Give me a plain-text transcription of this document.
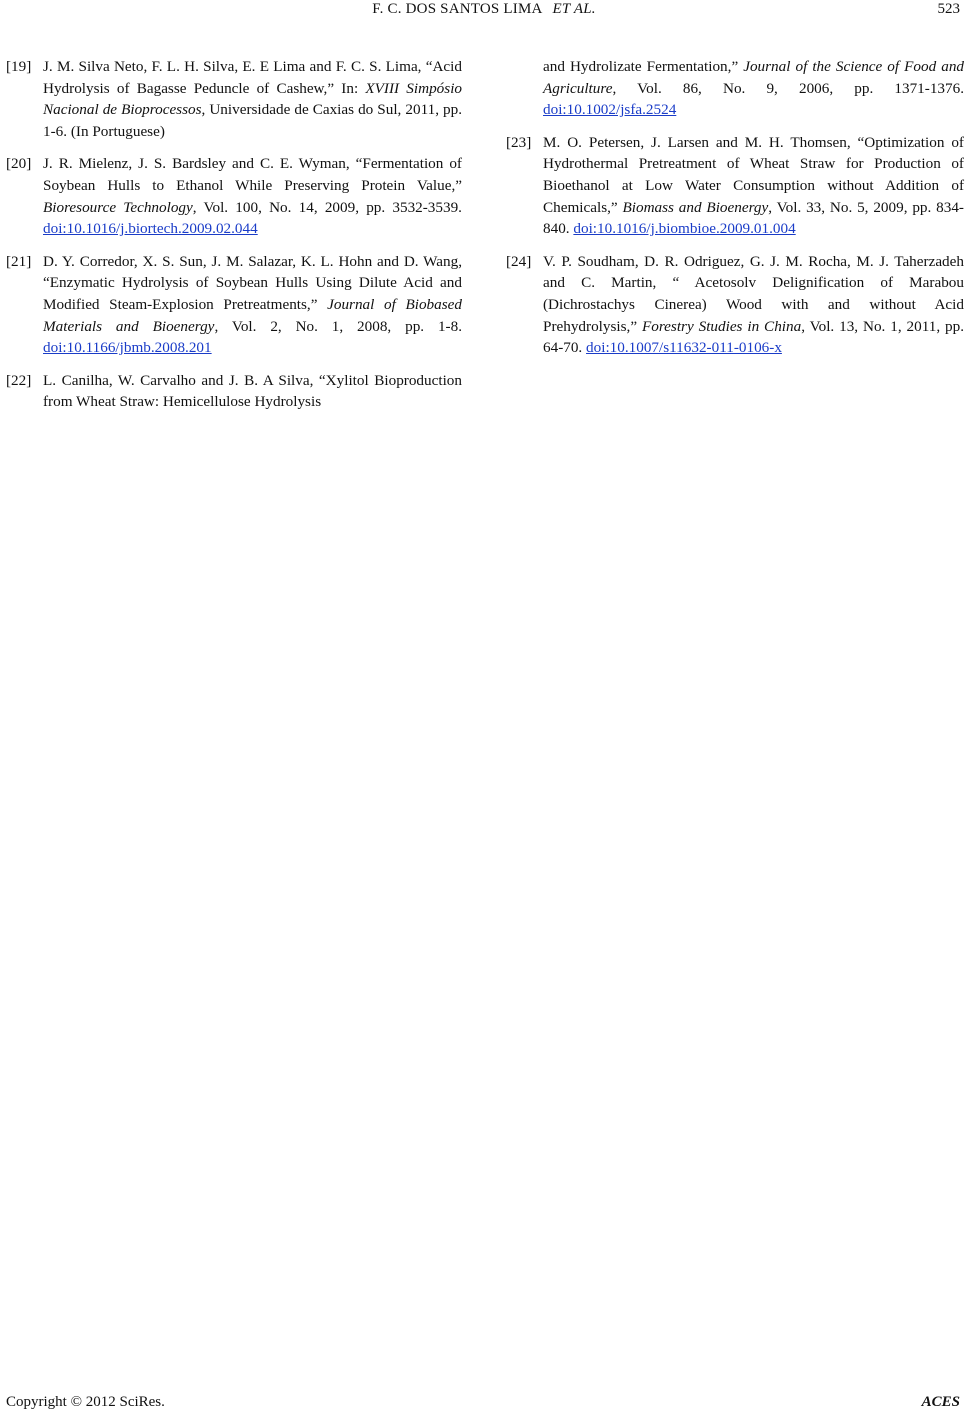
F. C. DOS SANTOS LIMA ET AL.	523
[19] J. M. Silva Neto, F. L. H. Silva, E. E Lima and F. C. S. Lima, “Acid Hydrolysis of Bagasse Peduncle of Cashew,” In: XVIII Simpósio Nacional de Bioprocessos, Universidade de Caxias do Sul, 2011, pp. 1-6. (In Portuguese)
[20] J. R. Mielenz, J. S. Bardsley and C. E. Wyman, “Fermentation of Soybean Hulls to Ethanol While Preserving Protein Value,” Bioresource Technology, Vol. 100, No. 14, 2009, pp. 3532-3539. doi:10.1016/j.biortech.2009.02.044
[21] D. Y. Corredor, X. S. Sun, J. M. Salazar, K. L. Hohn and D. Wang, “Enzymatic Hydrolysis of Soybean Hulls Using Dilute Acid and Modified Steam-Explosion Pretreatments,” Journal of Biobased Materials and Bioenergy, Vol. 2, No. 1, 2008, pp. 1-8. doi:10.1166/jbmb.2008.201
[22] L. Canilha, W. Carvalho and J. B. A Silva, “Xylitol Bioproduction from Wheat Straw: Hemicellulose Hydrolysis
and Hydrolizate Fermentation,” Journal of the Science of Food and Agriculture, Vol. 86, No. 9, 2006, pp. 1371-1376. doi:10.1002/jsfa.2524
[23] M. O. Petersen, J. Larsen and M. H. Thomsen, “Optimization of Hydrothermal Pretreatment of Wheat Straw for Production of Bioethanol at Low Water Consumption without Addition of Chemicals,” Biomass and Bioenergy, Vol. 33, No. 5, 2009, pp. 834-840. doi:10.1016/j.biombioe.2009.01.004
[24] V. P. Soudham, D. R. Odriguez, G. J. M. Rocha, M. J. Taherzadeh and C. Martin, “ Acetosolv Delignification of Marabou (Dichrostachys Cinerea) Wood with and without Acid Prehydrolysis,” Forestry Studies in China, Vol. 13, No. 1, 2011, pp. 64-70. doi:10.1007/s11632-011-0106-x
Copyright © 2012 SciRes.	ACES
